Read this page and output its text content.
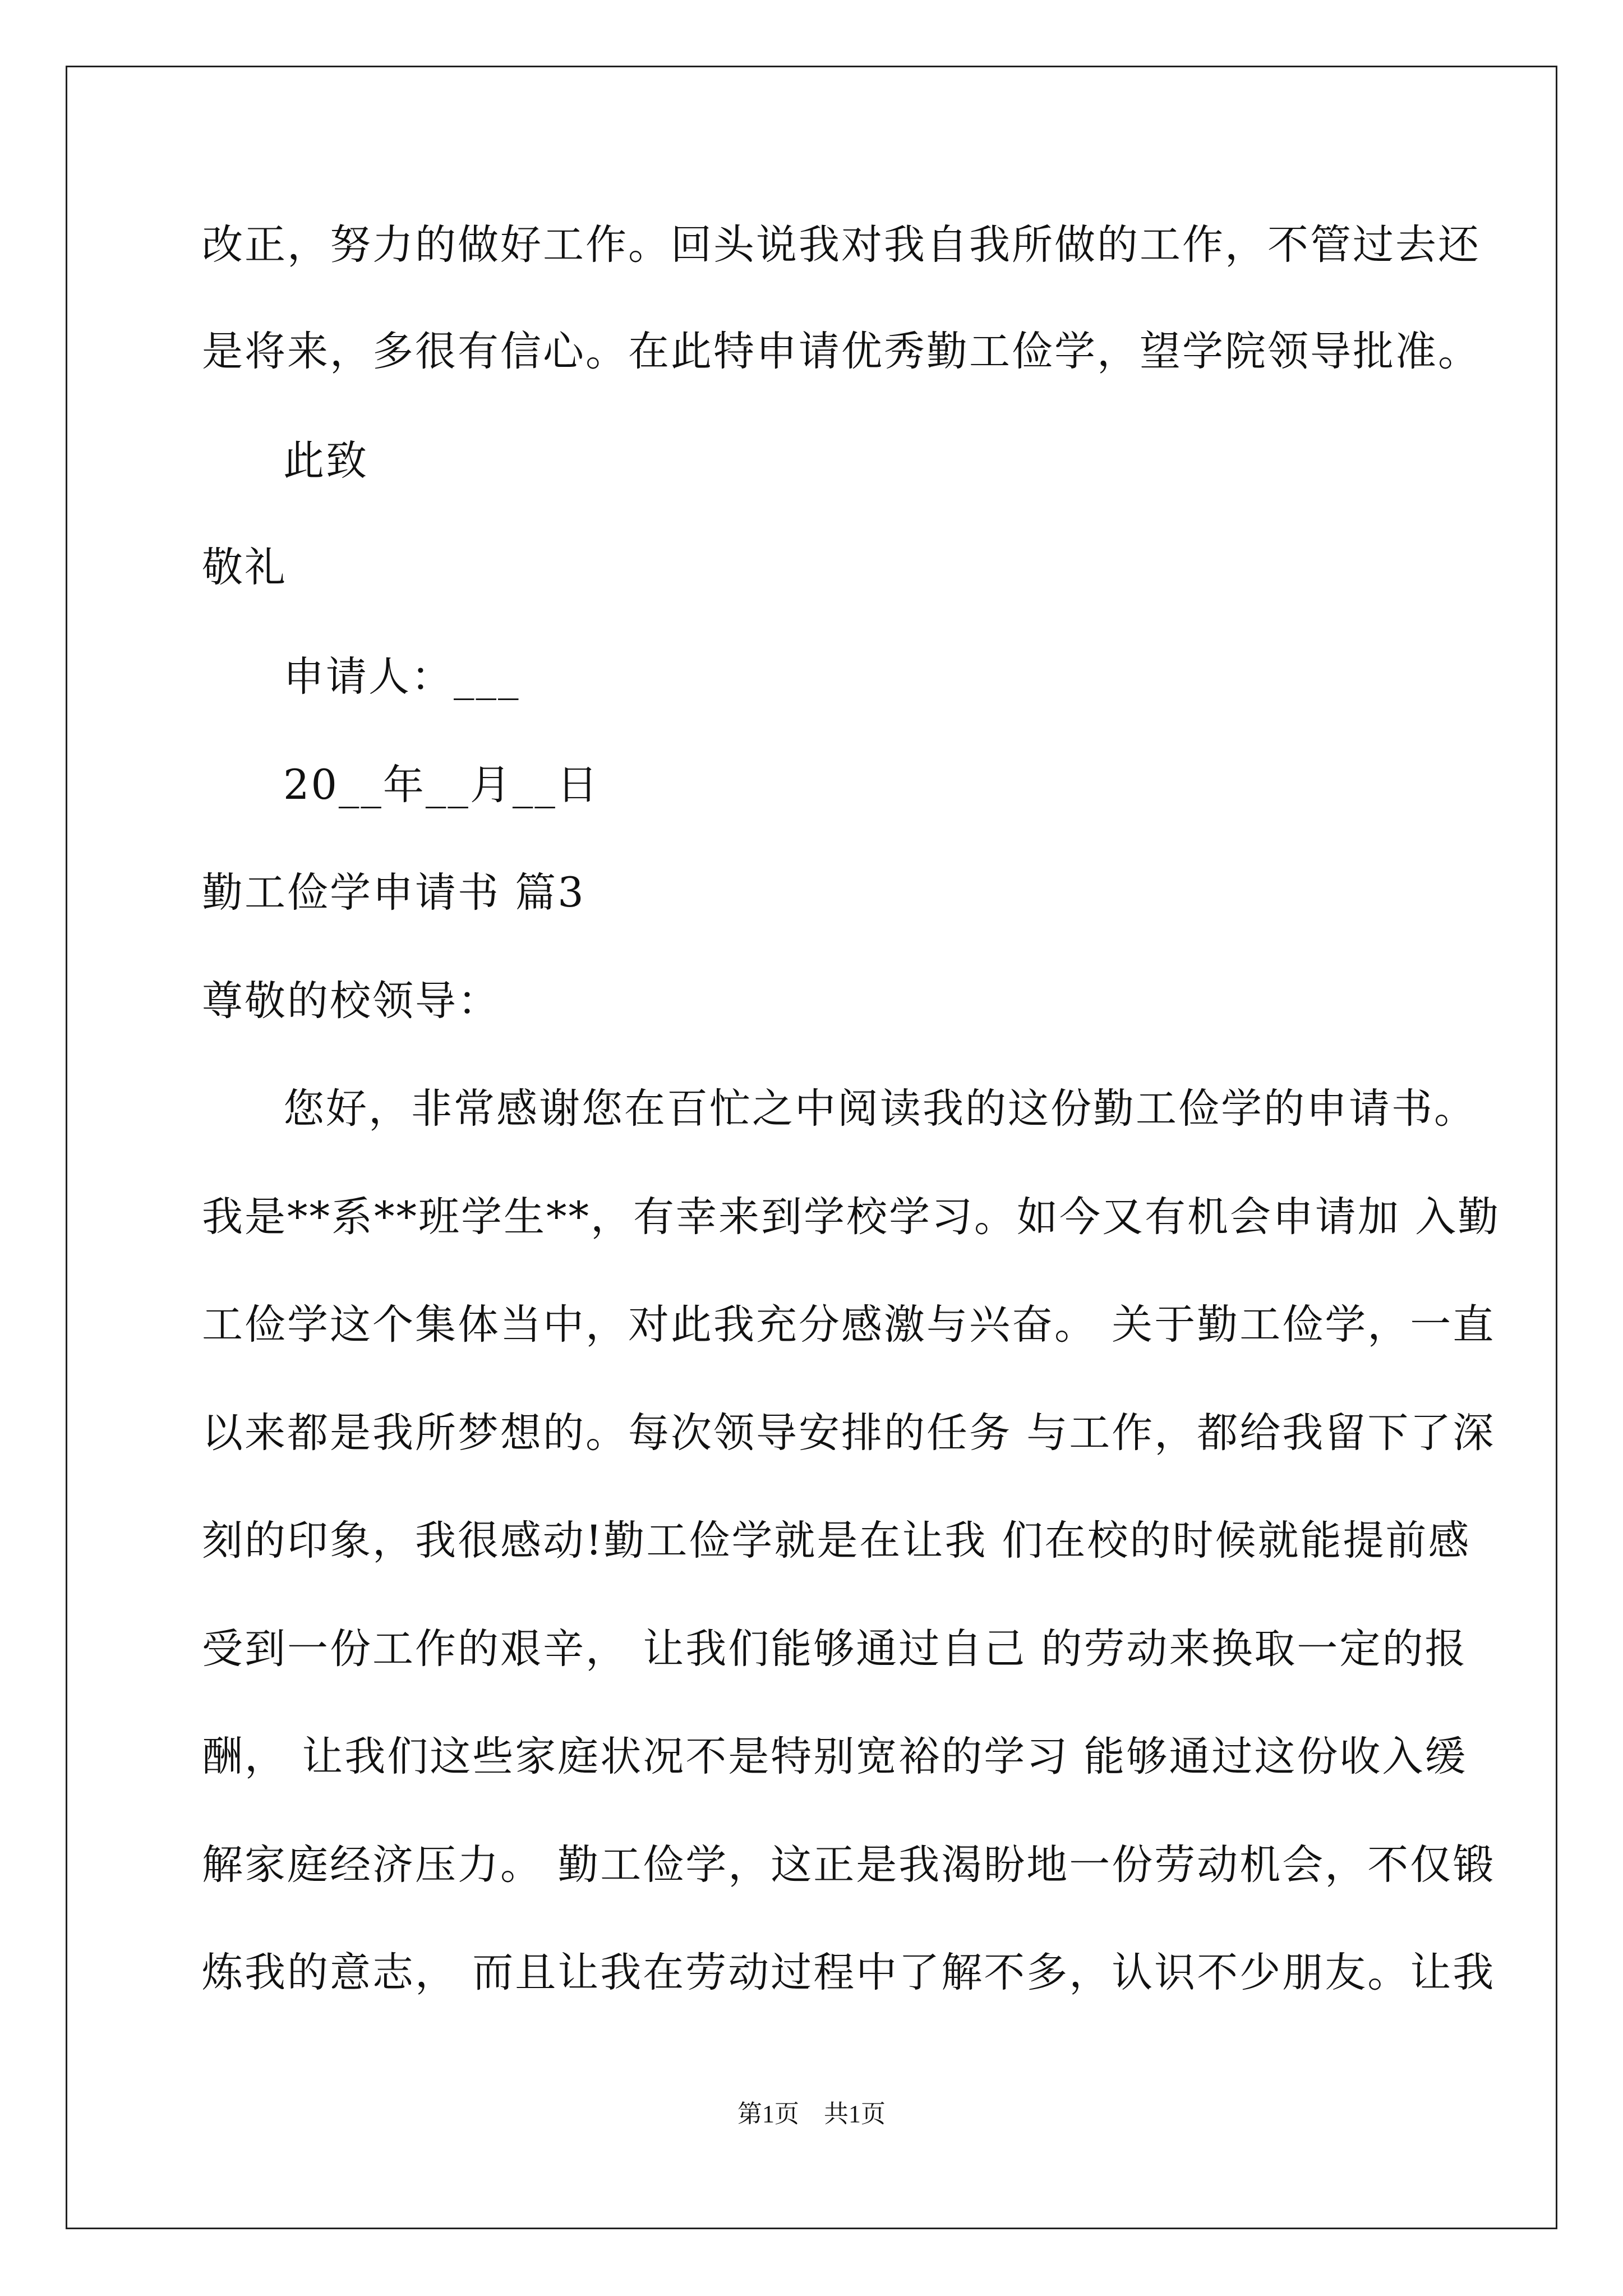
改正，努力的做好工作。回头说我对我自我所做的工作，不管过去还
是将来，多很有信心。在此特申请优秀勤工俭学，望学院领导批准。
此致
敬礼
申请人：___
20__年__月__日
勤工俭学申请书 篇3
尊敬的校领导：
您好，非常感谢您在百忙之中阅读我的这份勤工俭学的申请书。
我是**系**班学生**，有幸来到学校学习。如今又有机会申请加 入勤
工俭学这个集体当中，对此我充分感激与兴奋。 关于勤工俭学，一直
以来都是我所梦想的。每次领导安排的任务 与工作，都给我留下了深
刻的印象，我很感动!勤工俭学就是在让我 们在校的时候就能提前感
受到一份工作的艰辛， 让我们能够通过自己 的劳动来换取一定的报
酬， 让我们这些家庭状况不是特别宽裕的学习 能够通过这份收入缓
解家庭经济压力。 勤工俭学，这正是我渴盼地一份劳动机会，不仅锻
炼我的意志， 而且让我在劳动过程中了解不多，认识不少朋友。让我
第1页　共1页
